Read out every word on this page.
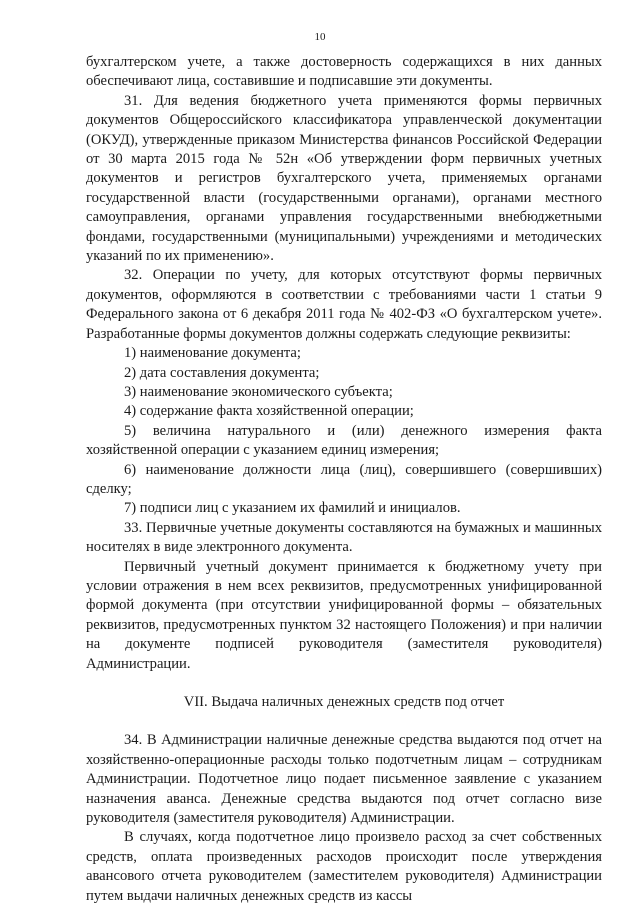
10

бухгалтерском учете, а также достоверность содержащихся в них данных обеспечивают лица, составившие и подписавшие эти документы.

31. Для ведения бюджетного учета применяются формы первичных документов Общероссийского классификатора управленческой документации (ОКУД), утвержденные приказом Министерства финансов Российской Федерации от 30 марта 2015 года № 52н «Об утверждении форм первичных учетных документов и регистров бухгалтерского учета, применяемых органами государственной власти (государственными органами), органами местного самоуправления, органами управления государственными внебюджетными фондами, государственными (муниципальными) учреждениями и методических указаний по их применению».

32. Операции по учету, для которых отсутствуют формы первичных документов, оформляются в соответствии с требованиями части 1 статьи 9 Федерального закона от 6 декабря 2011 года № 402-ФЗ «О бухгалтерском учете». Разработанные формы документов должны содержать следующие реквизиты:

1) наименование документа;

2) дата составления документа;

3) наименование экономического субъекта;

4) содержание факта хозяйственной операции;

5) величина натурального и (или) денежного измерения факта хозяйственной операции с указанием единиц измерения;

6) наименование должности лица (лиц), совершившего (совершивших) сделку;

7) подписи лиц с указанием их фамилий и инициалов.

33. Первичные учетные документы составляются на бумажных и машинных носителях в виде электронного документа.

Первичный учетный документ принимается к бюджетному учету при условии отражения в нем всех реквизитов, предусмотренных унифицированной формой документа (при отсутствии унифицированной формы – обязательных реквизитов, предусмотренных пунктом 32 настоящего Положения) и при наличии на документе подписей руководителя (заместителя руководителя) Администрации.

VII. Выдача наличных денежных средств под отчет

34. В Администрации наличные денежные средства выдаются под отчет на хозяйственно-операционные расходы только подотчетным лицам – сотрудникам Администрации. Подотчетное лицо подает письменное заявление с указанием назначения аванса. Денежные средства выдаются под отчет согласно визе руководителя (заместителя руководителя) Администрации.

В случаях, когда подотчетное лицо произвело расход за счет собственных средств, оплата произведенных расходов происходит после утверждения авансового отчета руководителем (заместителем руководителя) Администрации путем выдачи наличных денежных средств из кассы
